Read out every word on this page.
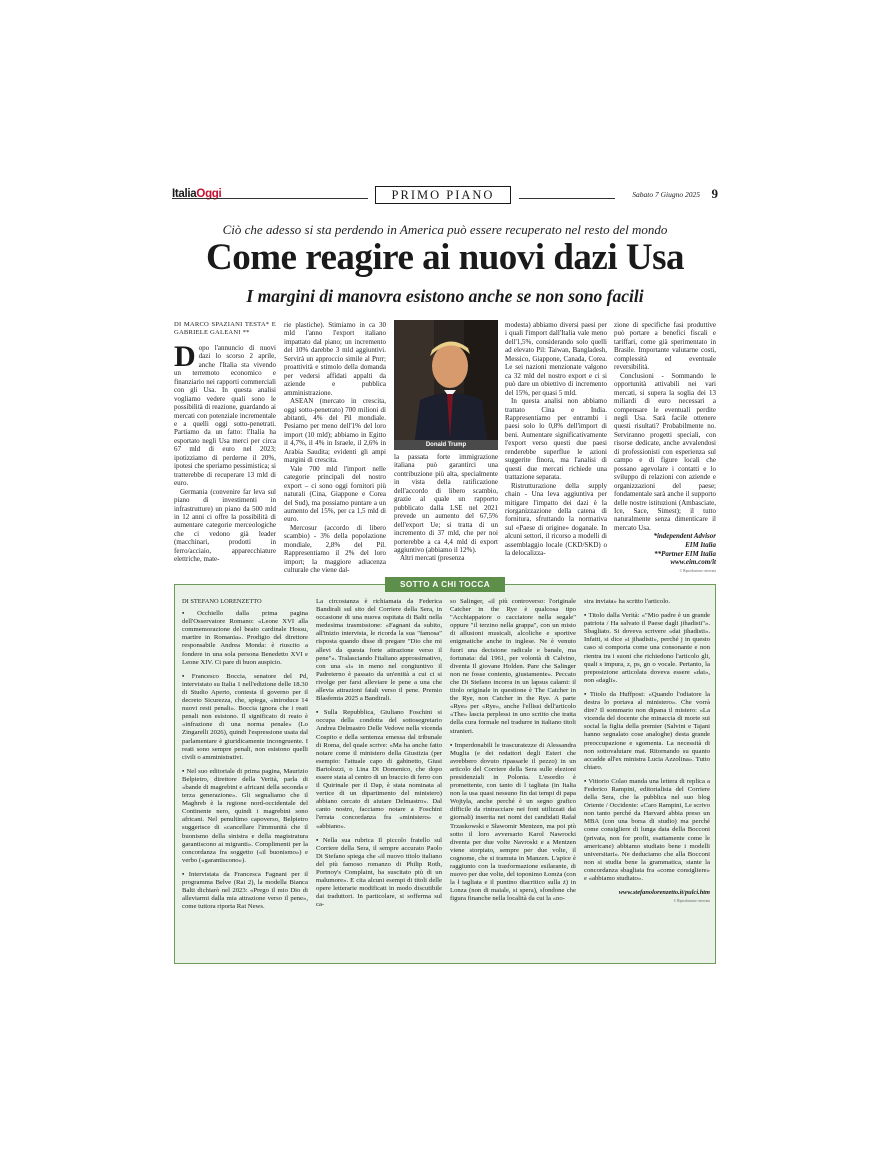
ItaliaOggi	PRIMO PIANO	Sabato 7 Giugno 2025 9
Ciò che adesso si sta perdendo in America può essere recuperato nel resto del mondo
Come reagire ai nuovi dazi Usa
I margini di manovra esistono anche se non sono facili
DI MARCO SPAZIANI TESTA* E GABRIELE GALEANI **

Dopo l'annuncio di nuovi dazi lo scorso 2 aprile, anche l'Italia sta vivendo un terremoto economico e finanziario nei rapporti commerciali con gli Usa. In questa analisi vogliamo vedere quali sono le possibilità di reazione, guardando ai mercati con potenziale incrementale e a quelli oggi sotto-penetrati. Partiamo da un fatto: l'Italia ha esportato negli Usa merci per circa 67 mld di euro nel 2023; ipotizziamo di perderne il 20%, ipotesi che speriamo pessimistica; si tratterebbe di recuperare 13 mld di euro.

Germania (convenire far leva sul piano di investimenti in infrastrutture) un piano da 500 mld in 12 anni ci offre la possibilità di aumentare categorie merceologiche che ci vedono già leader (macchinari, prodotti in ferro/acciaio, apparecchiature elettriche, mate-

rie plastiche). Stimiamo in ca 30 mld l'anno l'export italiano impattato dal piano; un incremento del 10% darebbe 3 mld aggiuntivi. Servirà un approccio simile al Pnrr; proattività e stimolo della domanda per vedersi affidati appalti da aziende e pubblica amministrazione.

ASEAN (mercato in crescita, oggi sotto-penetrato) 700 milioni di abitanti, 4% del Pil mondiale. Pesiamo per meno dell'1% del loro import (10 mld); abbiamo in Egitto il 4,7%, il 4% in Israele, il 2,6% in Arabia Saudita; evidenti gli ampi margini di crescita.

Vale 700 mld l'import nelle categorie principali del nostro export – ci sono oggi fornitori più naturali (Cina, Giappone e Corea del Sud), ma possiamo puntare a un aumento del 15%, per ca 1,5 mld di euro.

Mercosur (accordo di libero scambio) - 3% della popolazione mondiale, 2,8% del Pil. Rappresentiamo il 2% del loro import; la maggiore adiacenza culturale che viene dal-

Donald Trump

la passata forte immigrazione italiana può garantirci una contribuzione più alta, specialmente in vista della ratificazione dell'accordo di libero scambio, grazie al quale un rapporto pubblicato dalla LSE nel 2021 prevede un aumento del 67,5% dell'export Ue; si tratta di un incremento di 37 mld, che per noi porterebbe a ca 4,4 mld di export aggiuntivo (abbiamo il 12%).

Altri mercati (presenza

modesta) abbiamo diversi paesi per i quali l'import dall'Italia vale meno dell'1,5%, considerando solo quelli ad elevato Pil: Taiwan, Bangladesh, Messico, Giappone, Canada, Corea. Le sei nazioni menzionate valgono ca 32 mld del nostro export e ci si può dare un obiettivo di incremento del 15%, per quasi 5 mld.

In questa analisi non abbiamo trattato Cina e India. Rappresentiamo per entrambi i paesi solo lo 0,8% dell'import di beni. Aumentare significativamente l'export verso questi due paesi renderebbe superflue le azioni suggerite finora, ma l'analisi di questi due mercati richiede una trattazione separata.

Ristrutturazione della supply chain - Una leva aggiuntiva per mitigare l'impatto dei dazi è la riorganizzazione della catena di fornitura, sfruttando la normativa sul «Paese di origine» doganale. In alcuni settori, il ricorso a modelli di assemblaggio locale (CKD/SKD) o la delocalizza-

zione di specifiche fasi produttive può portare a benefici fiscali e tariffari, come già sperimentato in Brasile. Importante valutarne costi, complessità ed eventuale reversibilità.

Conclusioni - Sommando le opportunità attivabili nei vari mercati, si supera la soglia dei 13 miliardi di euro necessari a compensare le eventuali perdite negli Usa. Sarà facile ottenere questi risultati? Probabilmente no. Serviranno progetti speciali, con risorse dedicate, anche avvalendosi di professionisti con esperienza sul campo e di figure locali che possano agevolare i contatti e lo sviluppo di relazioni con aziende e organizzazioni del paese; fondamentale sarà anche il supporto delle nostre istituzioni (Ambasciate, Ice, Sace, Simest); il tutto naturalmente senza dimenticare il mercato Usa.

*independent Advisor
EIM Italia
**Partner EIM Italia
www.eim.com/it
© Riproduzione riservata
SOTTO A CHI TOCCA
DI STEFANO LORENZETTO

• Occhiello dalla prima pagina dell'Osservatore Romano: «Leone XVI alla commemorazione del beato cardinale Hossu, martire in Romania». Prodigio del direttore responsabile Andrea Monda: è riuscito a fondere in una sola persona Benedetto XVI e Leone XIV. Ci pare di buon auspicio.

• Francesco Boccia, senatore del Pd, intervistato su Italia 1 nell'edizione delle 18.30 di Studio Aperto, contesta il governo per il decreto Sicurezza, che, spiega, «introduce 14 nuovi resti penali». Boccia ignora che i reati penali non esistono. Il significato di reato è «infrazione di una norma penale» (Lo Zingarelli 2026), quindi l'espressione usata dal parlamentare è giuridicamente incongruente. I reati sono sempre penali, non esistono quelli civili o amministrativi.

• Nel suo editoriale di prima pagina, Maurizio Belpietro, direttore della Verità, parla di «bande di magrebini e africani della seconda e terza generazione». Gli segnaliamo che il Maghreb è la regione nord-occidentale del Continente nero, quindi i magrebini sono africani. Nel penultimo capoverso, Belpietro suggerisce di «cancellare l'immunità che il buonismo della sinistra e della magistratura garantiscono ai migranti». Complimenti per la concordanza fra soggetto («il buonismo») e verbo («garantiscono»).

• Intervistata da Francesca Fagnani per il programma Belve (Rai 2), la modella Bianca Balti dichiarò nel 2023: «Prego il mio Dio di alleviarmi dalla mia attrazione verso il pene», come tuttora riporta Rai News.

La circostanza è richiamata da Federica Bandirali sul sito del Corriere della Sera, in occasione di una nuova ospitata di Balti nella medesima trasmissione: «Fagnani da subito, all'inizio intervista, le ricorda la sua "famosa" risposta quando disse di pregare "Dio che mi allevi da questa forte attrazione verso il pene"». Tralasciando l'italiano approssimativo, con una «i» in meno nel congiuntivo il Padreterno è passato da un'entità a cui ci si rivolge per farsi alleviare le pene a una che allevia attrazioni fatali verso il pene. Premio Blasfemia 2025 a Bandirali.

• Sulla Repubblica, Giuliano Foschini si occupa della condotta del sottosegretario Andrea Delmastro Delle Vedove nella vicenda Cospito e della sentenza emessa dal tribunale di Roma, del quale scrive: «Ma ha anche fatto notare come il ministero della Giustizia (per esempio: l'attuale capo di gabinetto, Giusi Bartolozzi, o Lina Di Domenico, che dopo essere stata al centro di un braccio di ferro con il Quirinale per il Dap, è stata nominata al vertice di un dipartimento del ministero) abbiano cercato di aiutare Delmastro». Dal canto nostro, facciamo notare a Foschini l'errata concordanza fra «ministero» e «abbiano».

• Nella sua rubrica Il piccolo fratello sul Corriere della Sera, il sempre accurato Paolo Di Stefano spiega che «il nuovo titolo italiano del più famoso romanzo di Philip Roth, Portnoy's Complaint, ha suscitato più di un malumore». E cita alcuni esempi di titoli delle opere letterarie modificati in modo discutibile dai traduttori. In particolare, si sofferma sul ca-

so Salinger, «il più controverso: l'originale Catcher in the Rye è qualcosa tipo "Acchiappatore o cacciatore nella segale" oppure "il terzino nella grappa", con un misto di allusioni musicali, alcoliche e sportive enigmatiche anche in inglese. Ne è venuto fuori una decisione radicale e banale, ma fortunata: dal 1961, per volontà di Calvino, diventa Il giovane Holden. Pare che Salinger non ne fosse contento, giustamente». Peccato che Di Stefano incorra in un lapsus calami: il titolo originale in questione è The Catcher in the Rye, non Catcher in the Rye. A parte «Rye» per «Rye», anche l'ellissi dell'articolo «The» lascia perplessi in uno scritto che tratta della cura formale nel tradurre in italiano titoli stranieri.

• Imperdonabili le trascuratezze di Alessandra Muglia (e dei redattori degli Esteri che avrebbero dovuto ripassarle il pezzo) in un articolo del Corriere della Sera sulle elezioni presidenziali in Polonia. L'esordio è promettente, con tanto di l tagliata (in Italia non la usa quasi nessuno fin dai tempi di papa Wojtyla, anche perché è un segno grafico difficile da rintracciare nei font utilizzati dai giornali) inserita nei nomi dei candidati Rafał Trzaskowski e Sławomir Mentzen, ma poi più sotto il loro avversario Karol Nawrocki diventa per due volte Navroski e a Mentzen viene storpiato, sempre per due volte, il cognome, che si tramuta in Manzen. L'apice è raggiunto con la trasformazione esilarante, di nuovo per due volte, del toponimo Łomża (con la ł tagliata e il puntino diacritico sulla ż) in Lonza (non di maiale, si spera), sfondone che figura finanche nella località da cui la «no-

stra inviata» ha scritto l'articolo.

• Titolo dalla Verità: «"Mio padre è un grande patriota / Ha salvato il Paese dagli jihadisti"». Sbagliato. Si doveva scrivere «dai jihadisti». Infatti, si dice «i jihadisti», perché j in questo caso si comporta come una consonante e non rientra tra i suoni che richiedono l'articolo gli, quali s impura, z, ps, gn o vocale. Pertanto, la preposizione articolata doveva essere «dai», non «dagli».

• Titolo da Huffpost: «Quando l'odiatore la destra lo portava al ministero». Che vorrà dire? Il sommario non dipana il mistero: «La vicenda del docente che minaccia di morte sui social la figlia della premier (Salvini e Tajani hanno segnalato cose analoghe) desta grande preoccupazione e sgomenta. La necessità di non sottovalutare mai. Ritornando su quanto accadde all'ex ministra Lucia Azzolina». Tutto chiaro.

• Vittorio Colao manda una lettera di replica a Federico Rampini, editorialista del Corriere della Sera, che la pubblica nel suo blog Oriente / Occidente: «Caro Rampini, Le scrivo non tanto perché da Harvard abbia preso un MBA (con una borsa di studio) ma perché come consigliere di lunga data della Bocconi (privata, non for profit, esattamente come le americane) abbiamo studiato bene i modelli universitari». Ne deduciamo che alla Bocconi non si studia bene la grammatica, stante la concordanza sbagliata fra «come consigliere» e «abbiamo studiato».

www.stefanolorenzetto.it/pulci.htm
© Riproduzione riservata
